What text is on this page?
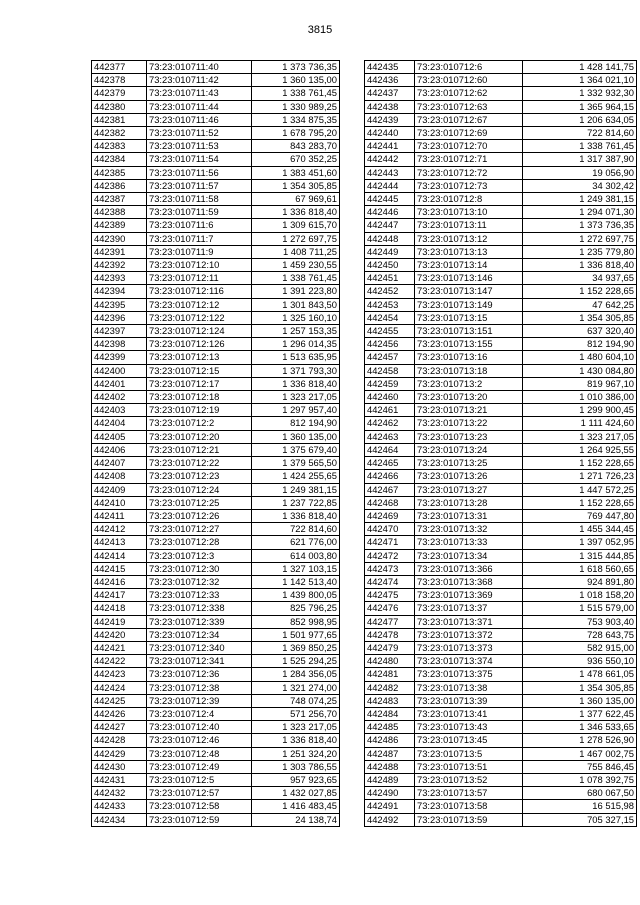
3815
442377	73:23:010711:40	1 373 736,35
442378	73:23:010711:42	1 360 135,00
442379	73:23:010711:43	1 338 761,45
442380	73:23:010711:44	1 330 989,25
442381	73:23:010711:46	1 334 875,35
442382	73:23:010711:52	1 678 795,20
442383	73:23:010711:53	843 283,70
442384	73:23:010711:54	670 352,25
442385	73:23:010711:56	1 383 451,60
442386	73:23:010711:57	1 354 305,85
442387	73:23:010711:58	67 969,61
442388	73:23:010711:59	1 336 818,40
442389	73:23:010711:6	1 309 615,70
442390	73:23:010711:7	1 272 697,75
442391	73:23:010711:9	1 408 711,25
442392	73:23:010712:10	1 459 230,55
442393	73:23:010712:11	1 338 761,45
442394	73:23:010712:116	1 391 223,80
442395	73:23:010712:12	1 301 843,50
442396	73:23:010712:122	1 325 160,10
442397	73:23:010712:124	1 257 153,35
442398	73:23:010712:126	1 296 014,35
442399	73:23:010712:13	1 513 635,95
442400	73:23:010712:15	1 371 793,30
442401	73:23:010712:17	1 336 818,40
442402	73:23:010712:18	1 323 217,05
442403	73:23:010712:19	1 297 957,40
442404	73:23:010712:2	812 194,90
442405	73:23:010712:20	1 360 135,00
442406	73:23:010712:21	1 375 679,40
442407	73:23:010712:22	1 379 565,50
442408	73:23:010712:23	1 424 255,65
442409	73:23:010712:24	1 249 381,15
442410	73:23:010712:25	1 237 722,85
442411	73:23:010712:26	1 336 818,40
442412	73:23:010712:27	722 814,60
442413	73:23:010712:28	621 776,00
442414	73:23:010712:3	614 003,80
442415	73:23:010712:30	1 327 103,15
442416	73:23:010712:32	1 142 513,40
442417	73:23:010712:33	1 439 800,05
442418	73:23:010712:338	825 796,25
442419	73:23:010712:339	852 998,95
442420	73:23:010712:34	1 501 977,65
442421	73:23:010712:340	1 369 850,25
442422	73:23:010712:341	1 525 294,25
442423	73:23:010712:36	1 284 356,05
442424	73:23:010712:38	1 321 274,00
442425	73:23:010712:39	748 074,25
442426	73:23:010712:4	571 256,70
442427	73:23:010712:40	1 323 217,05
442428	73:23:010712:46	1 336 818,40
442429	73:23:010712:48	1 251 324,20
442430	73:23:010712:49	1 303 786,55
442431	73:23:010712:5	957 923,65
442432	73:23:010712:57	1 432 027,85
442433	73:23:010712:58	1 416 483,45
442434	73:23:010712:59	24 138,74
442435	73:23:010712:6	1 428 141,75
442436	73:23:010712:60	1 364 021,10
442437	73:23:010712:62	1 332 932,30
442438	73:23:010712:63	1 365 964,15
442439	73:23:010712:67	1 206 634,05
442440	73:23:010712:69	722 814,60
442441	73:23:010712:70	1 338 761,45
442442	73:23:010712:71	1 317 387,90
442443	73:23:010712:72	19 056,90
442444	73:23:010712:73	34 302,42
442445	73:23:010712:8	1 249 381,15
442446	73:23:010713:10	1 294 071,30
442447	73:23:010713:11	1 373 736,35
442448	73:23:010713:12	1 272 697,75
442449	73:23:010713:13	1 235 779,80
442450	73:23:010713:14	1 336 818,40
442451	73:23:010713:146	34 937,65
442452	73:23:010713:147	1 152 228,65
442453	73:23:010713:149	47 642,25
442454	73:23:010713:15	1 354 305,85
442455	73:23:010713:151	637 320,40
442456	73:23:010713:155	812 194,90
442457	73:23:010713:16	1 480 604,10
442458	73:23:010713:18	1 430 084,80
442459	73:23:010713:2	819 967,10
442460	73:23:010713:20	1 010 386,00
442461	73:23:010713:21	1 299 900,45
442462	73:23:010713:22	1 111 424,60
442463	73:23:010713:23	1 323 217,05
442464	73:23:010713:24	1 264 925,55
442465	73:23:010713:25	1 152 228,65
442466	73:23:010713:26	1 271 726,23
442467	73:23:010713:27	1 447 572,25
442468	73:23:010713:28	1 152 228,65
442469	73:23:010713:31	769 447,80
442470	73:23:010713:32	1 455 344,45
442471	73:23:010713:33	1 397 052,95
442472	73:23:010713:34	1 315 444,85
442473	73:23:010713:366	1 618 560,65
442474	73:23:010713:368	924 891,80
442475	73:23:010713:369	1 018 158,20
442476	73:23:010713:37	1 515 579,00
442477	73:23:010713:371	753 903,40
442478	73:23:010713:372	728 643,75
442479	73:23:010713:373	582 915,00
442480	73:23:010713:374	936 550,10
442481	73:23:010713:375	1 478 661,05
442482	73:23:010713:38	1 354 305,85
442483	73:23:010713:39	1 360 135,00
442484	73:23:010713:41	1 377 622,45
442485	73:23:010713:43	1 346 533,65
442486	73:23:010713:45	1 278 526,90
442487	73:23:010713:5	1 467 002,75
442488	73:23:010713:51	755 846,45
442489	73:23:010713:52	1 078 392,75
442490	73:23:010713:57	680 067,50
442491	73:23:010713:58	16 515,98
442492	73:23:010713:59	705 327,15
